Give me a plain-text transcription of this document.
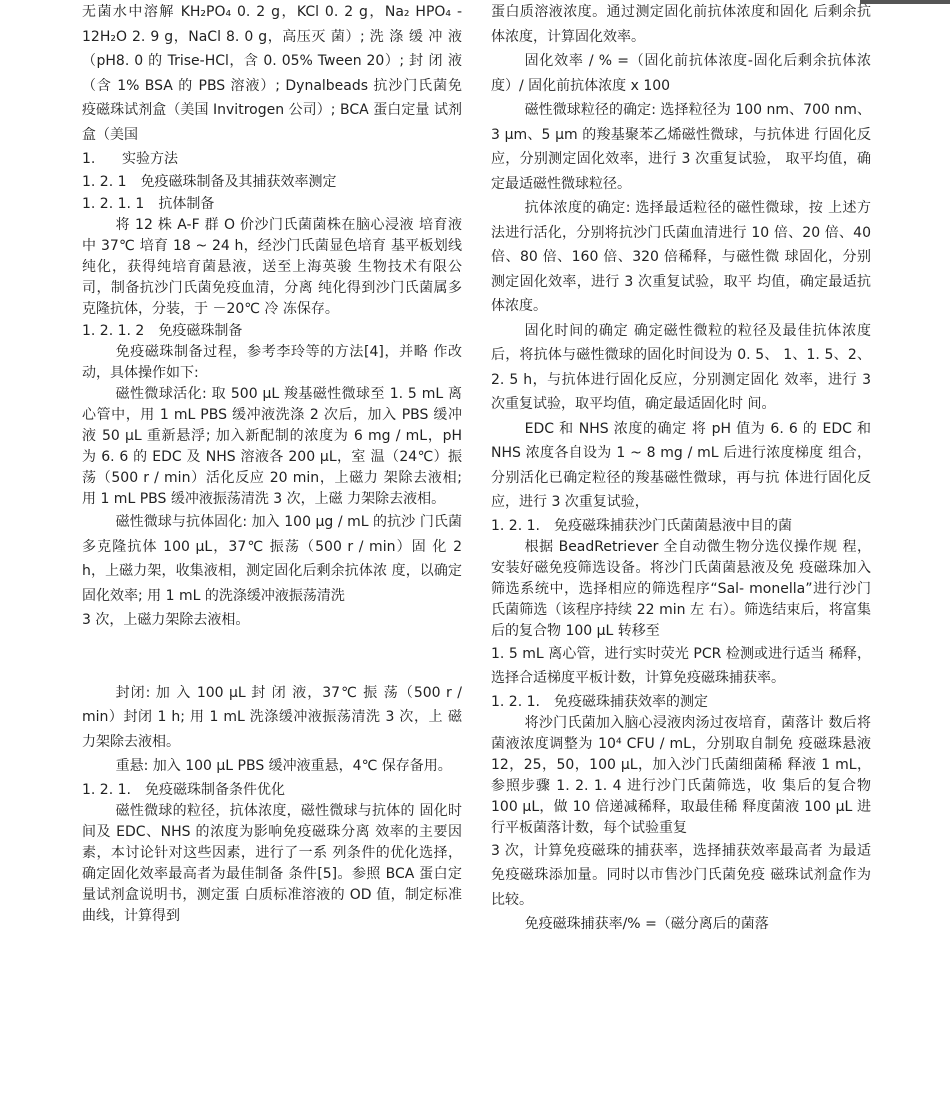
无菌水中溶解 KH₂PO₄ 0. 2 g，KCl 0. 2 g，Na₂ HPO₄ - 12H₂O 2. 9 g，NaCl 8. 0 g，高压灭 菌）; 洗 涤 缓 冲 液（pH8. 0 的 Trise-HCl，含 0. 05% Tween 20）; 封 闭 液（含 1% BSA 的 PBS 溶液）; Dynalbeads 抗沙门氏菌免 疫磁珠试剂盒（美国 Invitrogen 公司）; BCA 蛋白定量 试剂盒（美国

1. 实验方法

1. 2. 1　免疫磁珠制备及其捕获效率测定

1. 2. 1. 1　抗体制备

将 12 株 A-F 群 O 价沙门氏菌菌株在脑心浸液 培育液中 37℃ 培育 18 ~ 24 h，经沙门氏菌显色培育 基平板划线纯化，获得纯培育菌悬液，送至上海英骏 生物技术有限公司，制备抗沙门氏菌免疫血清，分离 纯化得到沙门氏菌属多克隆抗体，分装，于 －20℃ 冷 冻保存。

1. 2. 1. 2　免疫磁珠制备

免疫磁珠制备过程，参考李玲等的方法[4]，并略 作改动，具体操作如下:

磁性微球活化: 取 500 μL 羧基磁性微球至 1. 5 mL 离心管中，用 1 mL PBS 缓冲液洗涤 2 次后，加入 PBS 缓冲液 50 μL 重新悬浮; 加入新配制的浓度为 6 mg / mL，pH 为 6. 6 的 EDC 及 NHS 溶液各 200 μL，室 温（24℃）振荡（500 r / min）活化反应 20 min，上磁力 架除去液相; 用 1 mL PBS 缓冲液振荡清洗 3 次，上磁 力架除去液相。

磁性微球与抗体固化: 加入 100 μg / mL 的抗沙 门氏菌多克隆抗体 100 μL，37℃ 振荡（500 r / min）固 化 2 h，上磁力架，收集液相，测定固化后剩余抗体浓 度，以确定固化效率; 用 1 mL 的洗涤缓冲液振荡清洗

3 次，上磁力架除去液相。

封闭: 加 入 100 μL 封 闭 液，37℃ 振 荡（500 r / min）封闭 1 h; 用 1 mL 洗涤缓冲液振荡清洗 3 次，上 磁力架除去液相。

重悬: 加入 100 μL PBS 缓冲液重悬，4℃ 保存备用。

1. 2. 1.　免疫磁珠制备条件优化

磁性微球的粒径，抗体浓度，磁性微球与抗体的 固化时间及 EDC、NHS 的浓度为影响免疫磁珠分离 效率的主要因素，本讨论针对这些因素，进行了一系 列条件的优化选择，确定固化效率最高者为最佳制备 条件[5]。参照 BCA 蛋白定量试剂盒说明书，测定蛋 白质标准溶液的 OD 值，制定标准曲线，计算得到

蛋白质溶液浓度。通过测定固化前抗体浓度和固化 后剩余抗体浓度，计算固化效率。

固化效率 / % =（固化前抗体浓度-固化后剩余抗体浓度）/ 固化前抗体浓度 x 100

磁性微球粒径的确定: 选择粒径为 100 nm、700 nm、3 μm、5 μm 的羧基聚苯乙烯磁性微球，与抗体进 行固化反应，分别测定固化效率，进行 3 次重复试验， 取平均值，确定最适磁性微球粒径。

抗体浓度的确定: 选择最适粒径的磁性微球，按 上述方法进行活化，分别将抗沙门氏菌血清进行 10 倍、20 倍、40 倍、80 倍、160 倍、320 倍稀释，与磁性微 球固化，分别测定固化效率，进行 3 次重复试验，取平 均值，确定最适抗体浓度。

固化时间的确定 确定磁性微粒的粒径及最佳抗体浓度后，将抗体与磁性微球的固化时间设为 0. 5、 1、1. 5、2、2. 5 h，与抗体进行固化反应，分别测定固化 效率，进行 3 次重复试验，取平均值，确定最适固化时 间。

EDC 和 NHS 浓度的确定 将 pH 值为 6. 6 的 EDC 和 NHS 浓度各自设为 1 ~ 8 mg / mL 后进行浓度梯度 组合，分别活化已确定粒径的羧基磁性微球，再与抗 体进行固化反应，进行 3 次重复试验，

1. 2. 1.　免疫磁珠捕获沙门氏菌菌悬液中目的菌

根据 BeadRetriever 全自动微生物分选仪操作规 程，安装好磁免疫筛选设备。将沙门氏菌菌悬液及免 疫磁珠加入筛选系统中，选择相应的筛选程序“Sal- monella”进行沙门氏菌筛选（该程序持续 22 min 左 右）。筛选结束后，将富集后的复合物 100 μL 转移至

1. 5 mL 离心管，进行实时荧光 PCR 检测或进行适当 稀释，选择合适梯度平板计数，计算免疫磁珠捕获率。

1. 2. 1.　免疫磁珠捕获效率的测定

将沙门氏菌加入脑心浸液肉汤过夜培育，菌落计 数后将菌液浓度调整为 10⁴ CFU / mL，分别取自制免 疫磁珠悬液 12，25，50，100 μL，加入沙门氏菌细菌稀 释液 1 mL，参照步骤 1. 2. 1. 4 进行沙门氏菌筛选，收 集后的复合物 100 μL，做 10 倍递减稀释，取最佳稀 释度菌液 100 μL 进行平板菌落计数，每个试验重复

3 次，计算免疫磁珠的捕获率，选择捕获效率最高者 为最适免疫磁珠添加量。同时以市售沙门氏菌免疫 磁珠试剂盒作为比较。

免疫磁珠捕获率/% =（磁分离后的菌落
